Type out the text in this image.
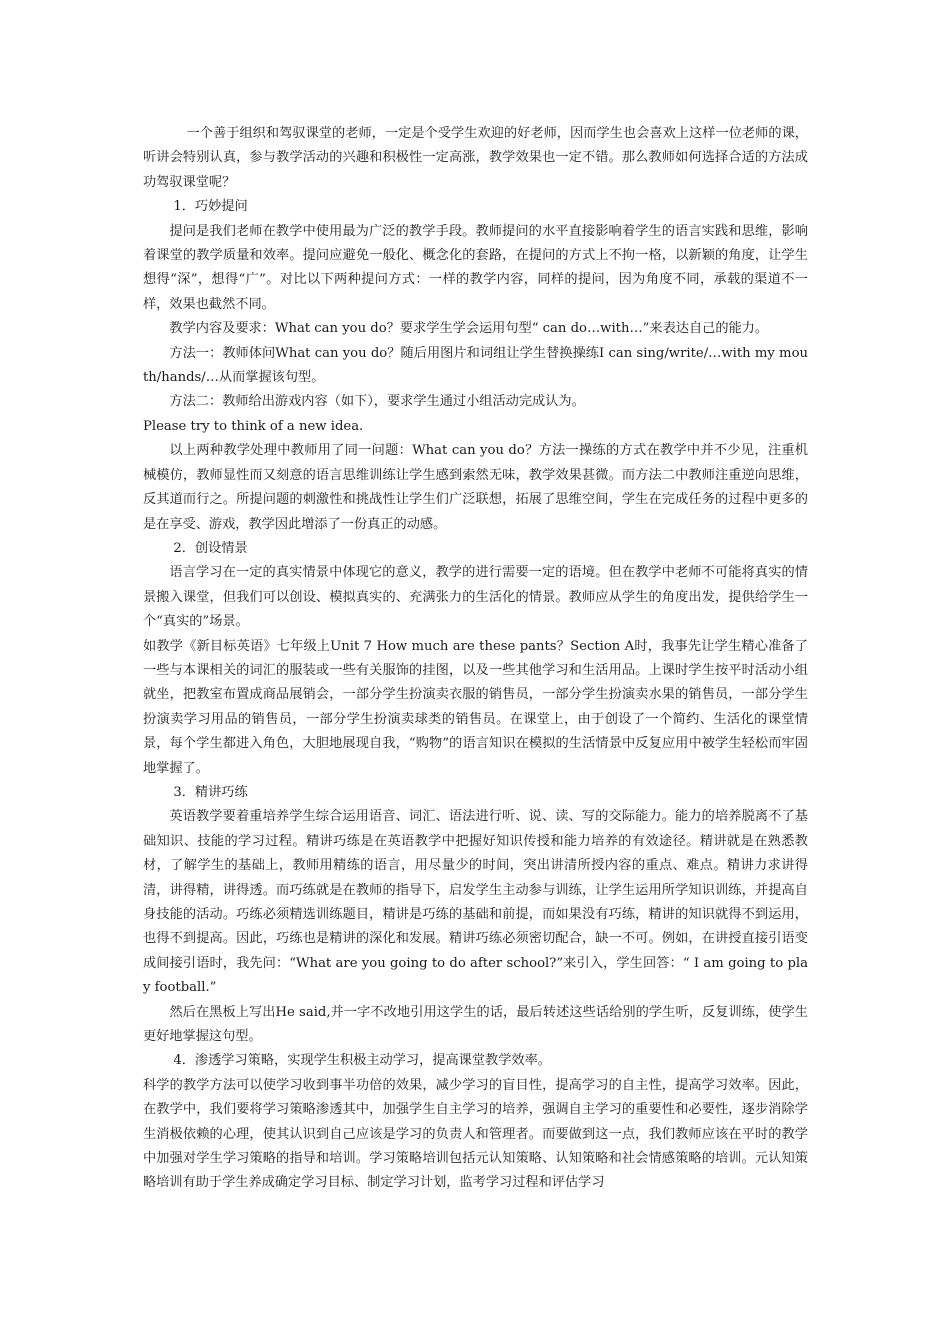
一个善于组织和驾驭课堂的老师，一定是个受学生欢迎的好老师，因而学生也会喜欢上这样一位老师的课，听讲会特别认真，参与教学活动的兴趣和积极性一定高涨，教学效果也一定不错。那么教师如何选择合适的方法成功驾驭课堂呢？

1．巧妙提问

提问是我们老师在教学中使用最为广泛的教学手段。教师提问的水平直接影响着学生的语言实践和思维，影响着课堂的教学质量和效率。提问应避免一般化、概念化的套路，在提问的方式上不拘一格，以新颖的角度，让学生想得“深”，想得“广”。对比以下两种提问方式：一样的教学内容，同样的提问，因为角度不同，承载的渠道不一样，效果也截然不同。

教学内容及要求：What can you do？要求学生学会运用句型“ can do…with…”来表达自己的能力。

方法一：教师体问What can you do？随后用图片和词组让学生替换操练I can sing/write/…with my mouth/hands/…从而掌握该句型。

方法二：教师给出游戏内容（如下），要求学生通过小组活动完成认为。

Please try to think of a new idea.

以上两种教学处理中教师用了同一问题：What can you do？方法一操练的方式在教学中并不少见，注重机械模仿，教师显性而又刻意的语言思维训练让学生感到索然无味，教学效果甚微。而方法二中教师注重逆向思维，反其道而行之。所提问题的刺激性和挑战性让学生们广泛联想，拓展了思维空间，学生在完成任务的过程中更多的是在享受、游戏，教学因此增添了一份真正的动感。

2．创设情景

语言学习在一定的真实情景中体现它的意义，教学的进行需要一定的语境。但在教学中老师不可能将真实的情景搬入课堂，但我们可以创设、模拟真实的、充满张力的生活化的情景。教师应从学生的角度出发，提供给学生一个“真实的”场景。

如教学《新目标英语》七年级上Unit 7 How much are these pants？Section A时，我事先让学生精心准备了一些与本课相关的词汇的服装或一些有关服饰的挂图，以及一些其他学习和生活用品。上课时学生按平时活动小组就坐，把教室布置成商品展销会，一部分学生扮演卖衣服的销售员，一部分学生扮演卖水果的销售员，一部分学生扮演卖学习用品的销售员，一部分学生扮演卖球类的销售员。在课堂上，由于创设了一个简约、生活化的课堂情景，每个学生都进入角色，大胆地展现自我，“购物”的语言知识在模拟的生活情景中反复应用中被学生轻松而牢固地掌握了。

3．精讲巧练

英语教学要着重培养学生综合运用语音、词汇、语法进行听、说、读、写的交际能力。能力的培养脱离不了基础知识、技能的学习过程。精讲巧练是在英语教学中把握好知识传授和能力培养的有效途径。精讲就是在熟悉教材，了解学生的基础上，教师用精练的语言，用尽量少的时间，突出讲清所授内容的重点、难点。精讲力求讲得清，讲得精，讲得透。而巧练就是在教师的指导下，启发学生主动参与训练，让学生运用所学知识训练，并提高自身技能的活动。巧练必须精选训练题目，精讲是巧练的基础和前提，而如果没有巧练，精讲的知识就得不到运用，也得不到提高。因此，巧练也是精讲的深化和发展。精讲巧练必须密切配合，缺一不可。例如，在讲授直接引语变成间接引语时，我先问：“What are you going to do after school?”来引入，学生回答：“ I am going to play football.”

然后在黑板上写出He said,并一字不改地引用这学生的话，最后转述这些话给别的学生听，反复训练，使学生更好地掌握这句型。

4．渗透学习策略，实现学生积极主动学习，提高课堂教学效率。

科学的教学方法可以使学习收到事半功倍的效果，减少学习的盲目性，提高学习的自主性，提高学习效率。因此，在教学中，我们要将学习策略渗透其中，加强学生自主学习的培养，强调自主学习的重要性和必要性，逐步消除学生消极依赖的心理，使其认识到自己应该是学习的负责人和管理者。而要做到这一点，我们教师应该在平时的教学中加强对学生学习策略的指导和培训。学习策略培训包括元认知策略、认知策略和社会情感策略的培训。元认知策略培训有助于学生养成确定学习目标、制定学习计划，监考学习过程和评估学习
